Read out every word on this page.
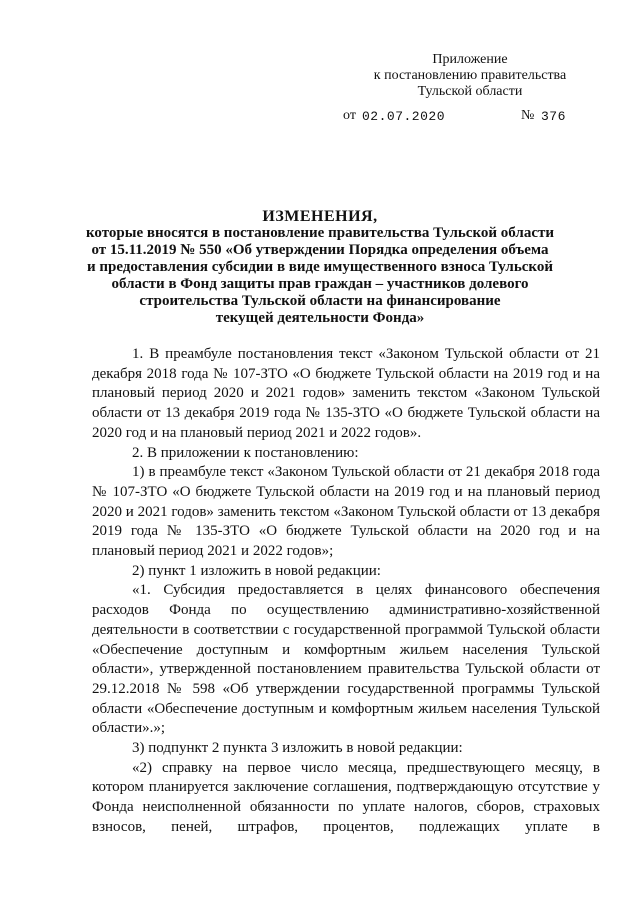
Приложение
к постановлению правительства
Тульской области
от 02.07.2020	№ 376
ИЗМЕНЕНИЯ,
которые вносятся в постановление правительства Тульской области
от 15.11.2019 № 550 «Об утверждении Порядка определения объема
и предоставления субсидии в виде имущественного взноса Тульской
области в Фонд защиты прав граждан – участников долевого
строительства Тульской области на финансирование
текущей деятельности Фонда»
1. В преамбуле постановления текст «Законом Тульской области от 21 декабря 2018 года № 107-ЗТО «О бюджете Тульской области на 2019 год и на плановый период 2020 и 2021 годов» заменить текстом «Законом Тульской области от 13 декабря 2019 года № 135-ЗТО «О бюджете Тульской области на 2020 год и на плановый период 2021 и 2022 годов».
2. В приложении к постановлению:
1) в преамбуле текст «Законом Тульской области от 21 декабря 2018 года № 107-ЗТО «О бюджете Тульской области на 2019 год и на плановый период 2020 и 2021 годов» заменить текстом «Законом Тульской области от 13 декабря 2019 года № 135-ЗТО «О бюджете Тульской области на 2020 год и на плановый период 2021 и 2022 годов»;
2) пункт 1 изложить в новой редакции:
«1. Субсидия предоставляется в целях финансового обеспечения расходов Фонда по осуществлению административно-хозяйственной деятельности в соответствии с государственной программой Тульской области «Обеспечение доступным и комфортным жильем населения Тульской области», утвержденной постановлением правительства Тульской области от 29.12.2018 № 598 «Об утверждении государственной программы Тульской области «Обеспечение доступным и комфортным жильем населения Тульской области».»;
3) подпункт 2 пункта 3 изложить в новой редакции:
«2) справку на первое число месяца, предшествующего месяцу, в котором планируется заключение соглашения, подтверждающую отсутствие у Фонда неисполненной обязанности по уплате налогов, сборов, страховых взносов, пеней, штрафов, процентов, подлежащих уплате в
